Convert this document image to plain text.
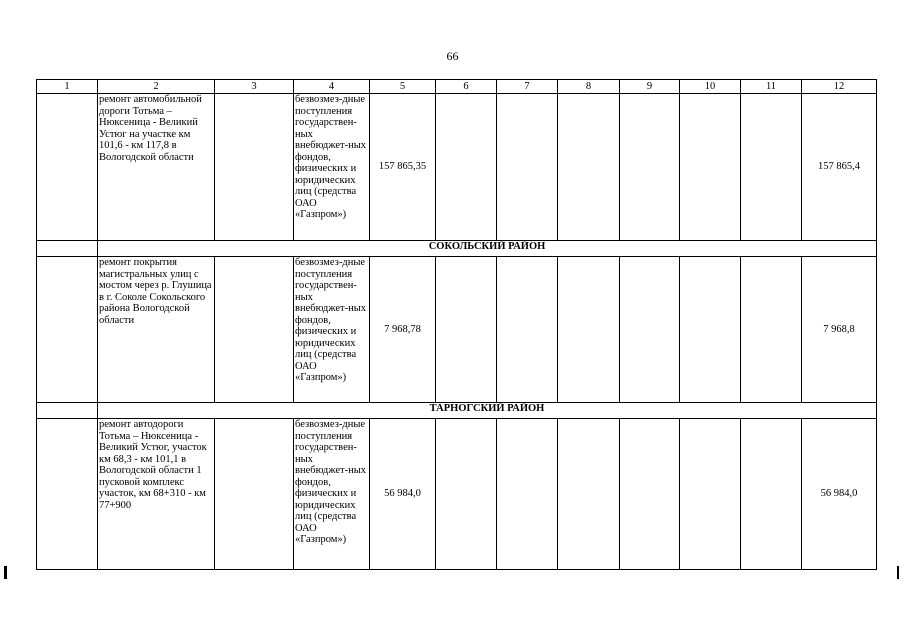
66
1	2	3	4	5	6	7	8	9	10	11	12
	ремонт автомобильной дороги Тотьма – Нюксеница - Великий Устюг на участке км 101,6 - км 117,8 в Вологодской области		безвозмез-дные поступления государствен-ных внебюджет-ных фондов, физических и юридических лиц (средства ОАО «Газпром»)	157 865,35							157 865,4
	СОКОЛЬСКИЙ РАЙОН										
	ремонт покрытия магистральных улиц с мостом через р. Глушица в г. Соколе Сокольского района Вологодской области		безвозмез-дные поступления государствен-ных внебюджет-ных фондов, физических и юридических лиц (средства ОАО «Газпром»)	7 968,78							7 968,8
	ТАРНОГСКИЙ РАЙОН										
	ремонт автодороги Тотьма – Нюксеница - Великий Устюг, участок км 68,3 - км 101,1 в Вологодской области 1 пусковой комплекс участок, км 68+310 - км 77+900		безвозмез-дные поступления государствен-ных внебюджет-ных фондов, физических и юридических лиц (средства ОАО «Газпром»)	56 984,0							56 984,0
